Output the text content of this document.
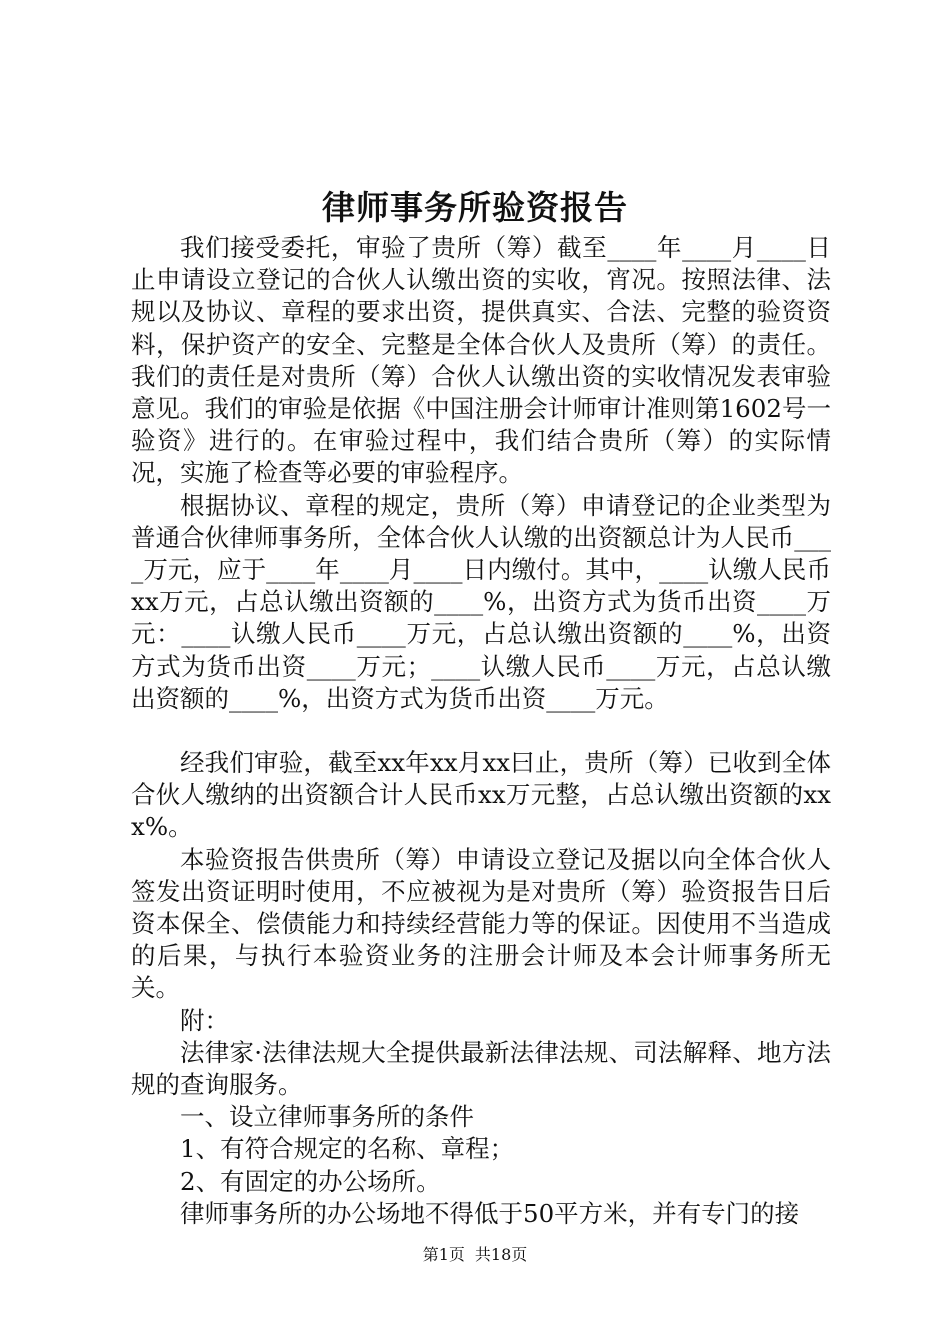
律师事务所验资报告

我们接受委托，审验了贵所（筹）截至____年____月____日止申请设立登记的合伙人认缴出资的实收，宵况。按照法律、法规以及协议、章程的要求出资，提供真实、合法、完整的验资资料，保护资产的安全、完整是全体合伙人及贵所（筹）的责任。我们的责任是对贵所（筹）合伙人认缴出资的实收情况发表审验意见。我们的审验是依据《中国注册会计师审计准则第1602号一验资》进行的。在审验过程中，我们结合贵所（筹）的实际情况，实施了检查等必要的审验程序。

根据协议、章程的规定，贵所（筹）申请登记的企业类型为普通合伙律师事务所，全体合伙人认缴的出资额总计为人民币____万元，应于____年____月____日内缴付。其中，____认缴人民币xx万元，占总认缴出资额的____%，出资方式为货币出资____万元：____认缴人民币____万元，占总认缴出资额的____%，出资方式为货币出资____万元；____认缴人民币____万元，占总认缴出资额的____%，出资方式为货币出资____万元。

经我们审验，截至xx年xx月xx曰止，贵所（筹）已收到全体合伙人缴纳的出资额合计人民币xx万元整，占总认缴出资额的xxx%。

本验资报告供贵所（筹）申请设立登记及据以向全体合伙人签发出资证明时使用，不应被视为是对贵所（筹）验资报告日后资本保全、偿债能力和持续经营能力等的保证。因使用不当造成的后果，与执行本验资业务的注册会计师及本会计师事务所无关。

附：

法律家·法律法规大全提供最新法律法规、司法解释、地方法规的查询服务。

一、设立律师事务所的条件

1、有符合规定的名称、章程；

2、有固定的办公场所。

律师事务所的办公场地不得低于50平方米，并有专门的接

第1页 共18页
